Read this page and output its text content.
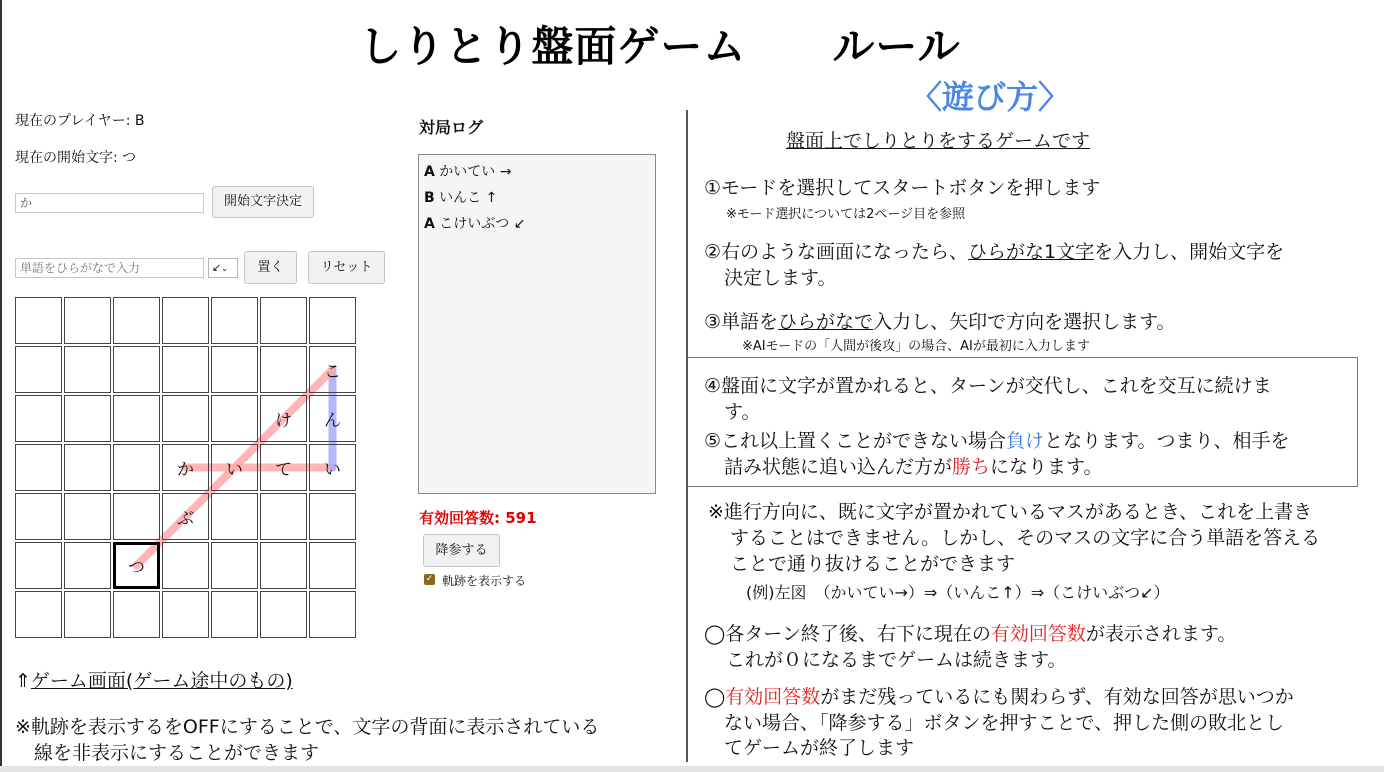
しりとり盤面ゲーム　　ルール
〈遊び方〉
現在のプレイヤー: B
現在の開始文字: つ
か	開始文字決定
単語をひらがなで入力	↙⌄	置く	リセット
こ
け	ん
か	い	て	い
ぶ
つ
対局ログ
A かいてい →
B いんこ ↑
A こけいぶつ ↙
有効回答数: 591
降参する
✓ 軌跡を表示する
⇑ゲーム画面(ゲーム途中のもの)
※軌跡を表示するをOFFにすることで、文字の背面に表示されている
　線を非表示にすることができます
盤面上でしりとりをするゲームです
①モードを選択してスタートボタンを押します
※モード選択については2ページ目を参照
②右のような画面になったら、ひらがな1文字を入力し、開始文字を
決定します。
③単語をひらがなで入力し、矢印で方向を選択します。
※AIモードの「人間が後攻」の場合、AIが最初に入力します
④盤面に文字が置かれると、ターンが交代し、これを交互に続けま
す。
⑤これ以上置くことができない場合負けとなります。つまり、相手を
詰み状態に追い込んだ方が勝ちになります。
※進行方向に、既に文字が置かれているマスがあるとき、これを上書き
することはできません。しかし、そのマスの文字に合う単語を答える
ことで通り抜けることができます
(例)左図　（かいてい→）⇒（いんこ↑）⇒（こけいぶつ↙）
◯各ターン終了後、右下に現在の有効回答数が表示されます。
これが０になるまでゲームは続きます。
◯有効回答数がまだ残っているにも関わらず、有効な回答が思いつか
ない場合、「降参する」ボタンを押すことで、押した側の敗北とし
てゲームが終了します
